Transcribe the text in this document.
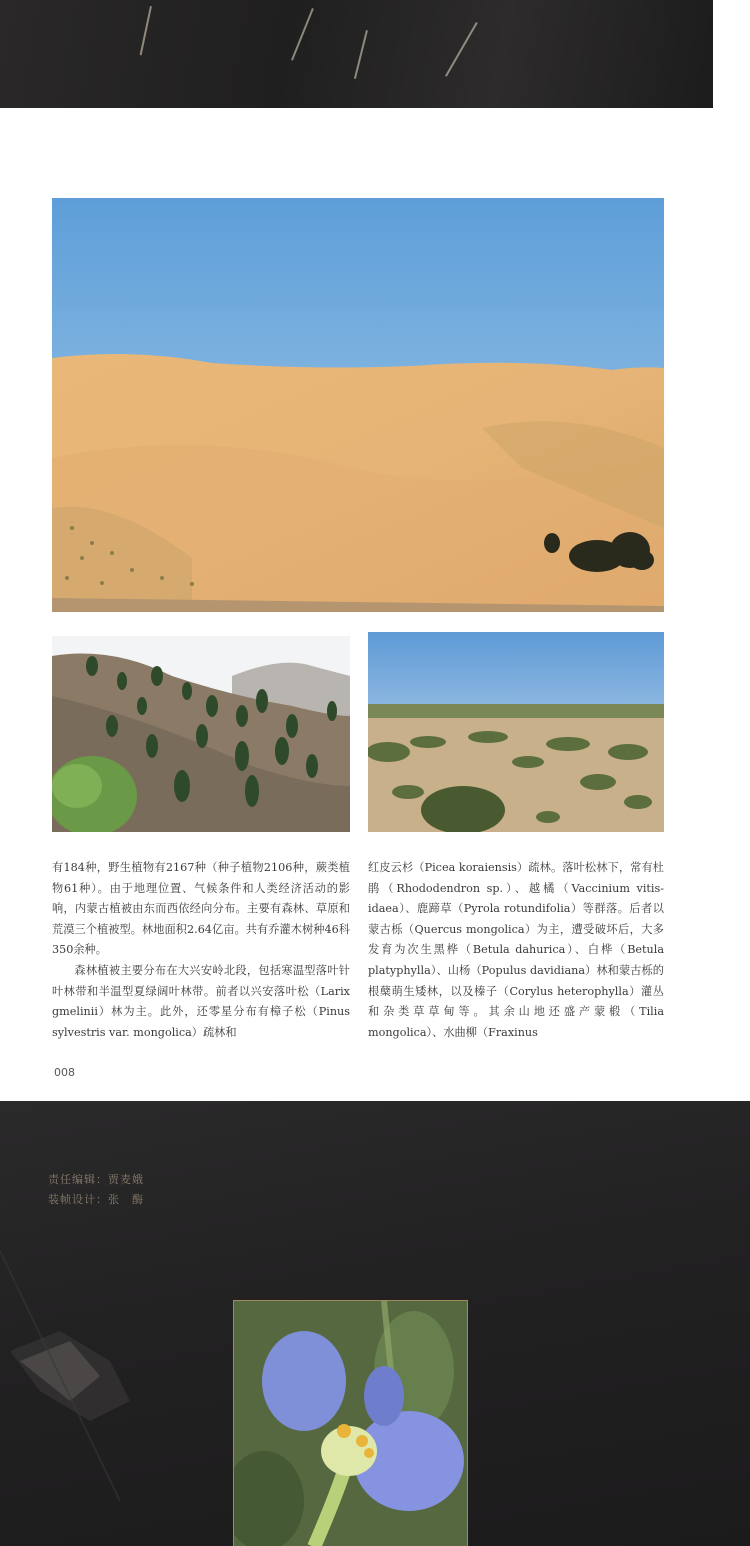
有184种，野生植物有2167种（种子植物2106种，蕨类植物61种）。由于地理位置、气候条件和人类经济活动的影响，内蒙古植被由东而西依经向分布。主要有森林、草原和荒漠三个植被型。林地面积2.64亿亩。共有乔灌木树种46科350余种。

森林植被主要分布在大兴安岭北段，包括寒温型落叶针叶林带和半温型夏绿阔叶林带。前者以兴安落叶松（Larix gmelinii）林为主。此外，还零星分布有樟子松（Pinus sylvestris var. mongolica）疏林和

红皮云杉（Picea koraiensis）疏林。落叶松林下，常有杜鹃（Rhododendron sp.）、越橘（Vaccinium vitis-idaea）、鹿蹄草（Pyrola rotundifolia）等群落。后者以蒙古栎（Quercus mongolica）为主，遭受破坏后，大多发育为次生黑桦（Betula dahurica）、白桦（Betula platyphylla）、山杨（Populus davidiana）林和蒙古栎的根蘖萌生矮林，以及榛子（Corylus heterophylla）灌丛和杂类草草甸等。其余山地还盛产蒙椴（Tilia mongolica）、水曲柳（Fraxinus

008
责任编辑：贾麦娥
装帧设计：张　酶
